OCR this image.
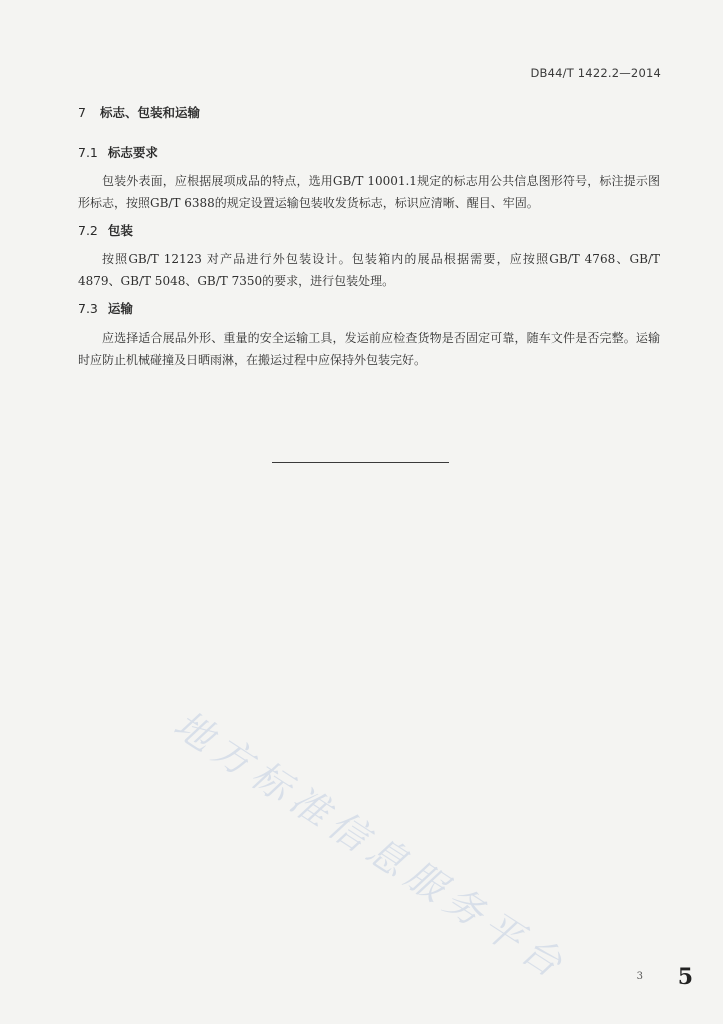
DB44/T 1422.2—2014
7 标志、包装和运输
7.1 标志要求
包装外表面，应根据展项成品的特点，选用GB/T 10001.1规定的标志用公共信息图形符号，标注提示图形标志，按照GB/T 6388的规定设置运输包装收发货标志，标识应清晰、醒目、牢固。
7.2 包装
按照GB/T 12123 对产品进行外包装设计。包装箱内的展品根据需要，应按照GB/T 4768、GB/T 4879、GB/T 5048、GB/T 7350的要求，进行包装处理。
7.3 运输
应选择适合展品外形、重量的安全运输工具，发运前应检查货物是否固定可靠，随车文件是否完整。运输时应防止机械碰撞及日晒雨淋，在搬运过程中应保持外包装完好。
地方标准信息服务平台	3 5
